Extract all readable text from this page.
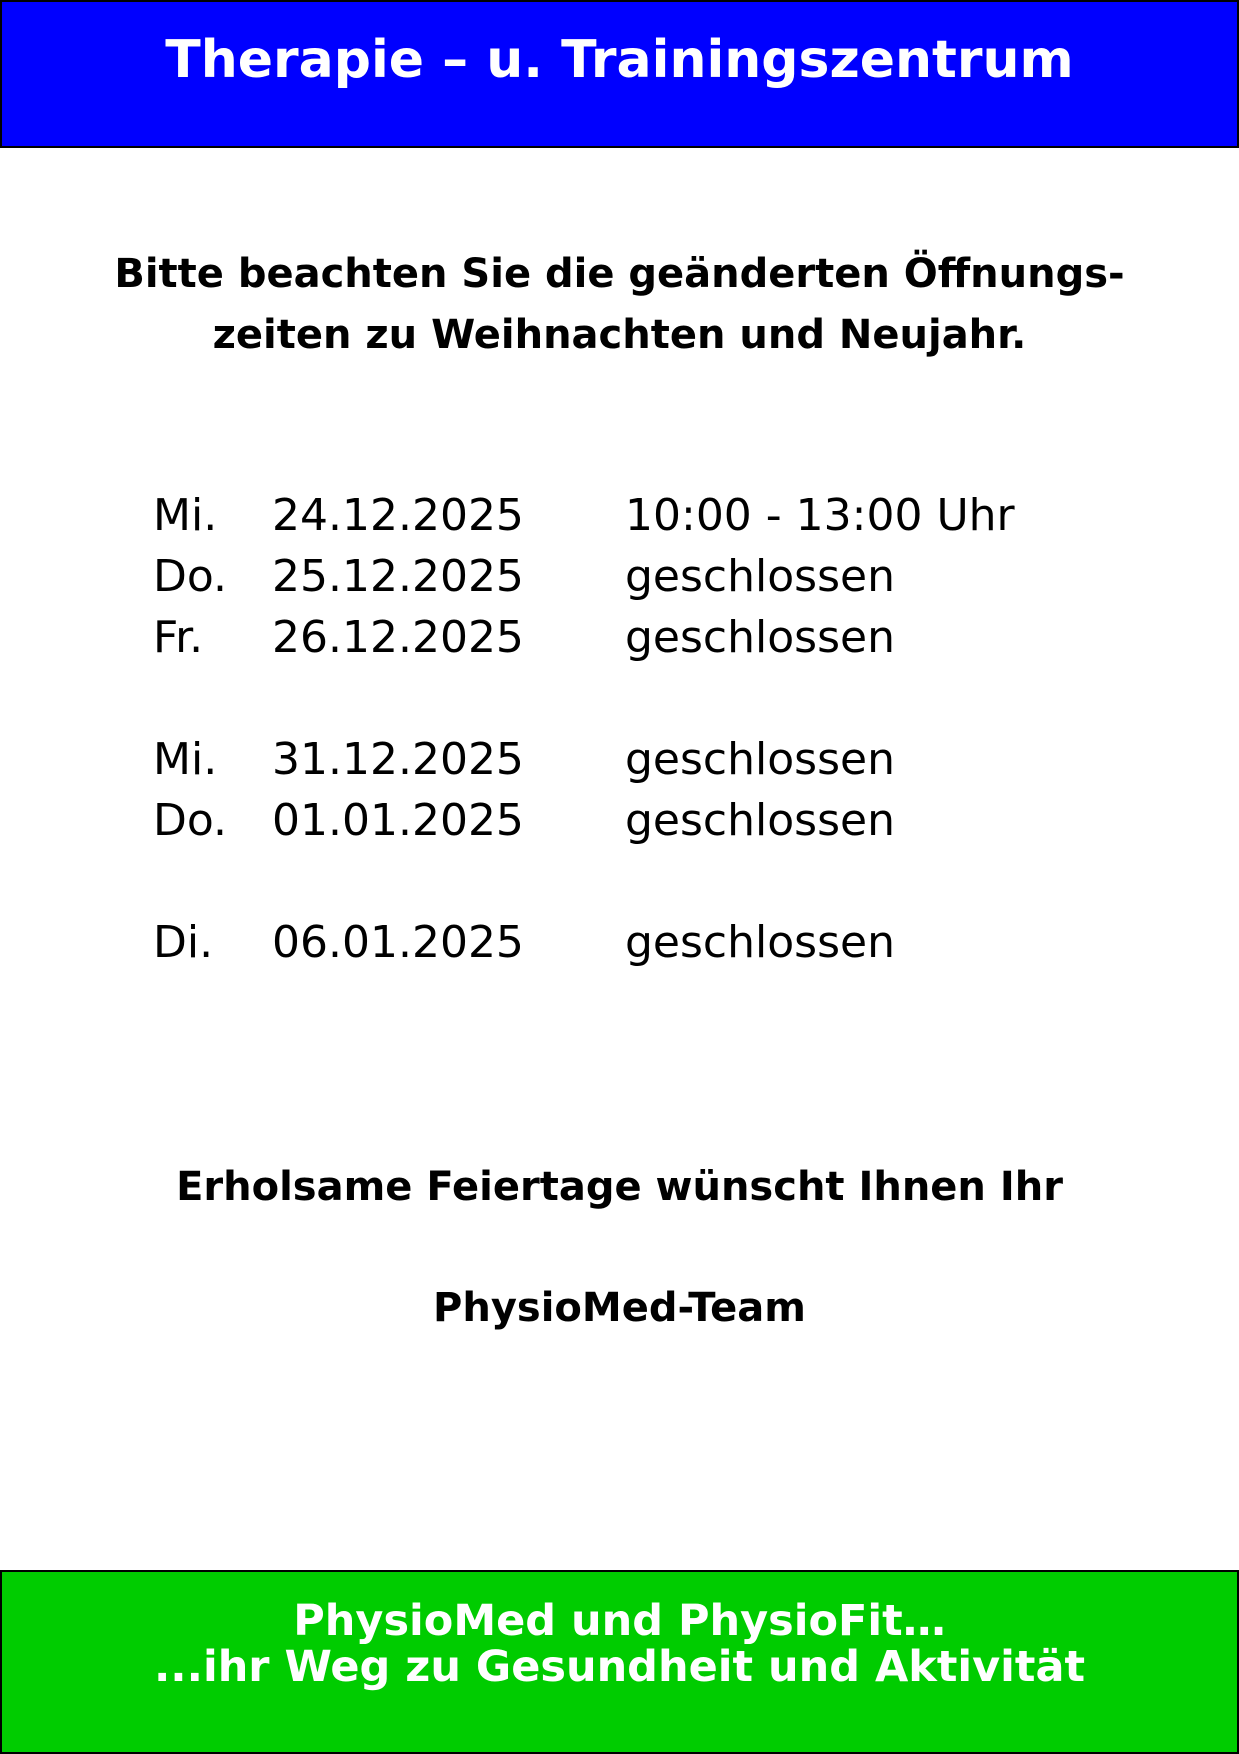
Therapie – u. Trainingszentrum
Bitte beachten Sie die geänderten Öffnungs-
zeiten zu Weihnachten und Neujahr.
Mi. 24.12.2025 10:00 - 13:00 Uhr
Do. 25.12.2025 geschlossen
Fr. 26.12.2025 geschlossen
Mi. 31.12.2025 geschlossen
Do. 01.01.2025 geschlossen
Di. 06.01.2025 geschlossen
Erholsame Feiertage wünscht Ihnen Ihr
PhysioMed-Team
PhysioMed und PhysioFit…
...ihr Weg zu Gesundheit und Aktivität
